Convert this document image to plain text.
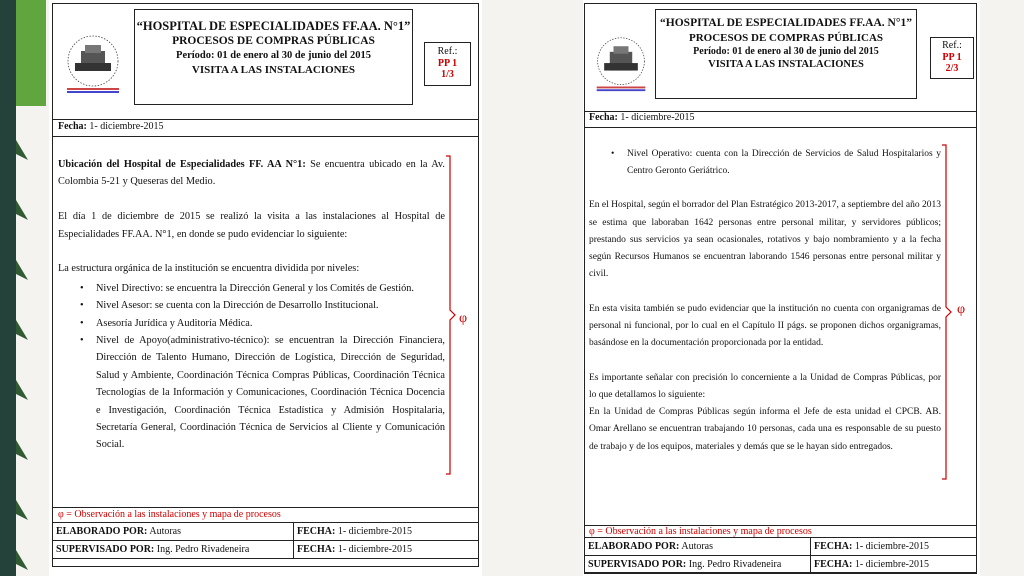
“HOSPITAL DE ESPECIALIDADES FF.AA. N°1”
PROCESOS DE COMPRAS PÚBLICAS
Período: 01 de enero al 30 de junio del 2015
VISITA A LAS INSTALACIONES
Ref.:
PP 1
1/3
Fecha: 1- diciembre-2015

Ubicación del Hospital de Especialidades FF. AA N°1: Se encuentra ubicado en la Av. Colombia 5-21 y Queseras del Medio.

El día 1 de diciembre de 2015 se realizó la visita a las instalaciones al Hospital de Especialidades FF.AA. N°1, en donde se pudo evidenciar lo siguiente:

La estructura orgánica de la institución se encuentra dividida por niveles:
• Nivel Directivo: se encuentra la Dirección General y los Comités de Gestión.
• Nivel Asesor: se cuenta con la Dirección de Desarrollo Institucional.
• Asesoría Jurídica y Auditoría Médica.
• Nivel de Apoyo(administrativo-técnico): se encuentran la Dirección Financiera, Dirección de Talento Humano, Dirección de Logística, Dirección de Seguridad, Salud y Ambiente, Coordinación Técnica Compras Públicas, Coordinación Técnica Tecnologías de la Información y Comunicaciones, Coordinación Técnica Docencia e Investigación, Coordinación Técnica Estadística y Admisión Hospitalaria, Secretaría General, Coordinación Técnica de Servicios al Cliente y Comunicación Social.
φ
φ = Observación a las instalaciones y mapa de procesos
ELABORADO POR: Autoras	FECHA: 1- diciembre-2015
SUPERVISADO POR: Ing. Pedro Rivadeneira	FECHA: 1- diciembre-2015
“HOSPITAL DE ESPECIALIDADES FF.AA. N°1”
PROCESOS DE COMPRAS PÚBLICAS
Período: 01 de enero al 30 de junio del 2015
VISITA A LAS INSTALACIONES
Ref.:
PP 1
2/3
Fecha: 1- diciembre-2015
• Nivel Operativo: cuenta con la Dirección de Servicios de Salud Hospitalarios y Centro Geronto Geriátrico.

En el Hospital, según el borrador del Plan Estratégico 2013-2017, a septiembre del año 2013 se estima que laboraban 1642 personas entre personal militar, y servidores públicos; prestando sus servicios ya sean ocasionales, rotativos y bajo nombramiento y a la fecha según Recursos Humanos se encuentran laborando 1546 personas entre personal militar y civil.

En esta visita también se pudo evidenciar que la institución no cuenta con organigramas de personal ni funcional, por lo cual en el Capítulo II págs. se proponen dichos organigramas, basándose en la documentación proporcionada por la entidad.

Es importante señalar con precisión lo concerniente a la Unidad de Compras Públicas, por lo que detallamos lo siguiente:

En la Unidad de Compras Públicas según informa el Jefe de esta unidad el CPCB. AB. Omar Arellano se encuentran trabajando 10 personas, cada una es responsable de su puesto de trabajo y de los equipos, materiales y demás que se le hayan sido entregados.

φ
φ = Observación a las instalaciones y mapa de procesos
ELABORADO POR: Autoras	FECHA: 1- diciembre-2015
SUPERVISADO POR: Ing. Pedro Rivadeneira	FECHA: 1- diciembre-2015
